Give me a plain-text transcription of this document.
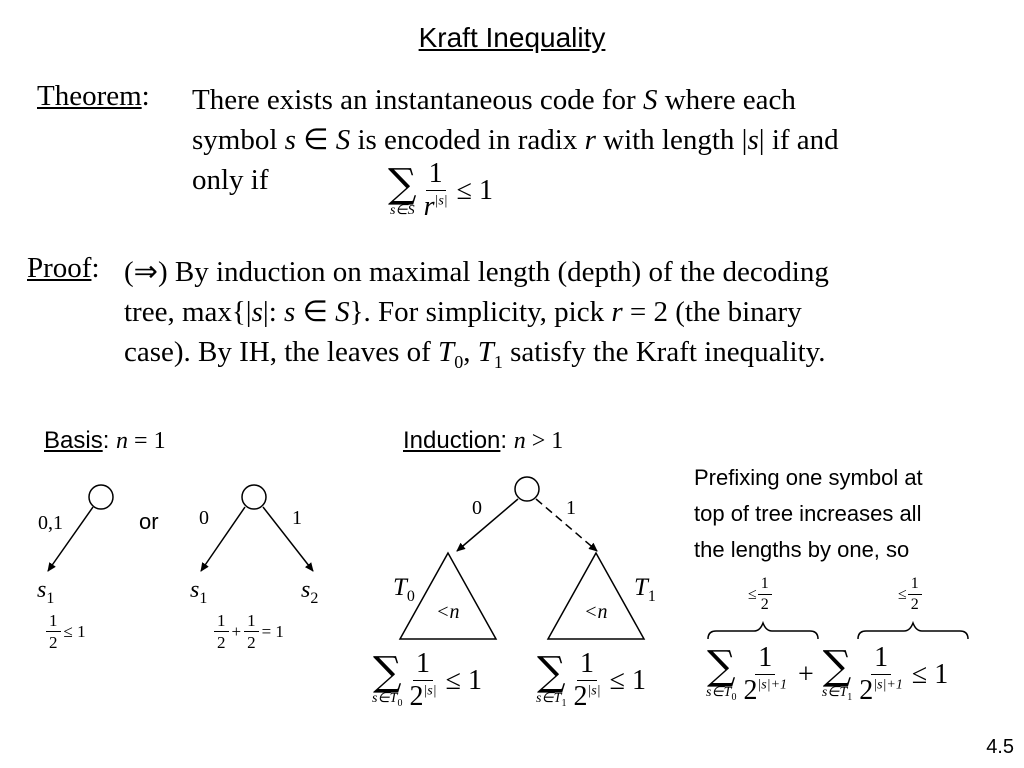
Kraft Inequality
Theorem: There exists an instantaneous code for S where each
symbol s ∈ S is encoded in radix r with length |s| if and
only if	∑
s∈S $\frac{1}{r^{|s|}} \le 1$
Proof: (⇒) By induction on maximal length (depth) of the decoding
tree, max{|s|: s ∈ S}. For simplicity, pick r = 2 (the binary
case). By IH, the leaves of $T_0$, $T_1$ satisfy the Kraft inequality.
Basis: n = 1	Induction: n > 1
0,1	or
$s_1$
$\frac{1}{2} \le 1$
0	1
$s_1$	$s_2$
$\frac{1}{2} + \frac{1}{2} = 1$
0	1
$T_0$	$T_1$
<n	<n
∑
$s\in T_0 \frac{1}{2^{|s|}} \le 1$ ∑
$s\in T_1 \frac{1}{2^{|s|}} \le 1$
Prefixing one symbol at
top of tree increases all
the lengths by one, so
≤ $\frac{1}{2}$	≤ $\frac{1}{2}$
∑
$s\in T_0 \frac{1}{2^{|s|+1}}$ + ∑
$s\in T_1 \frac{1}{2^{|s|+1}} \le 1$
4.5
